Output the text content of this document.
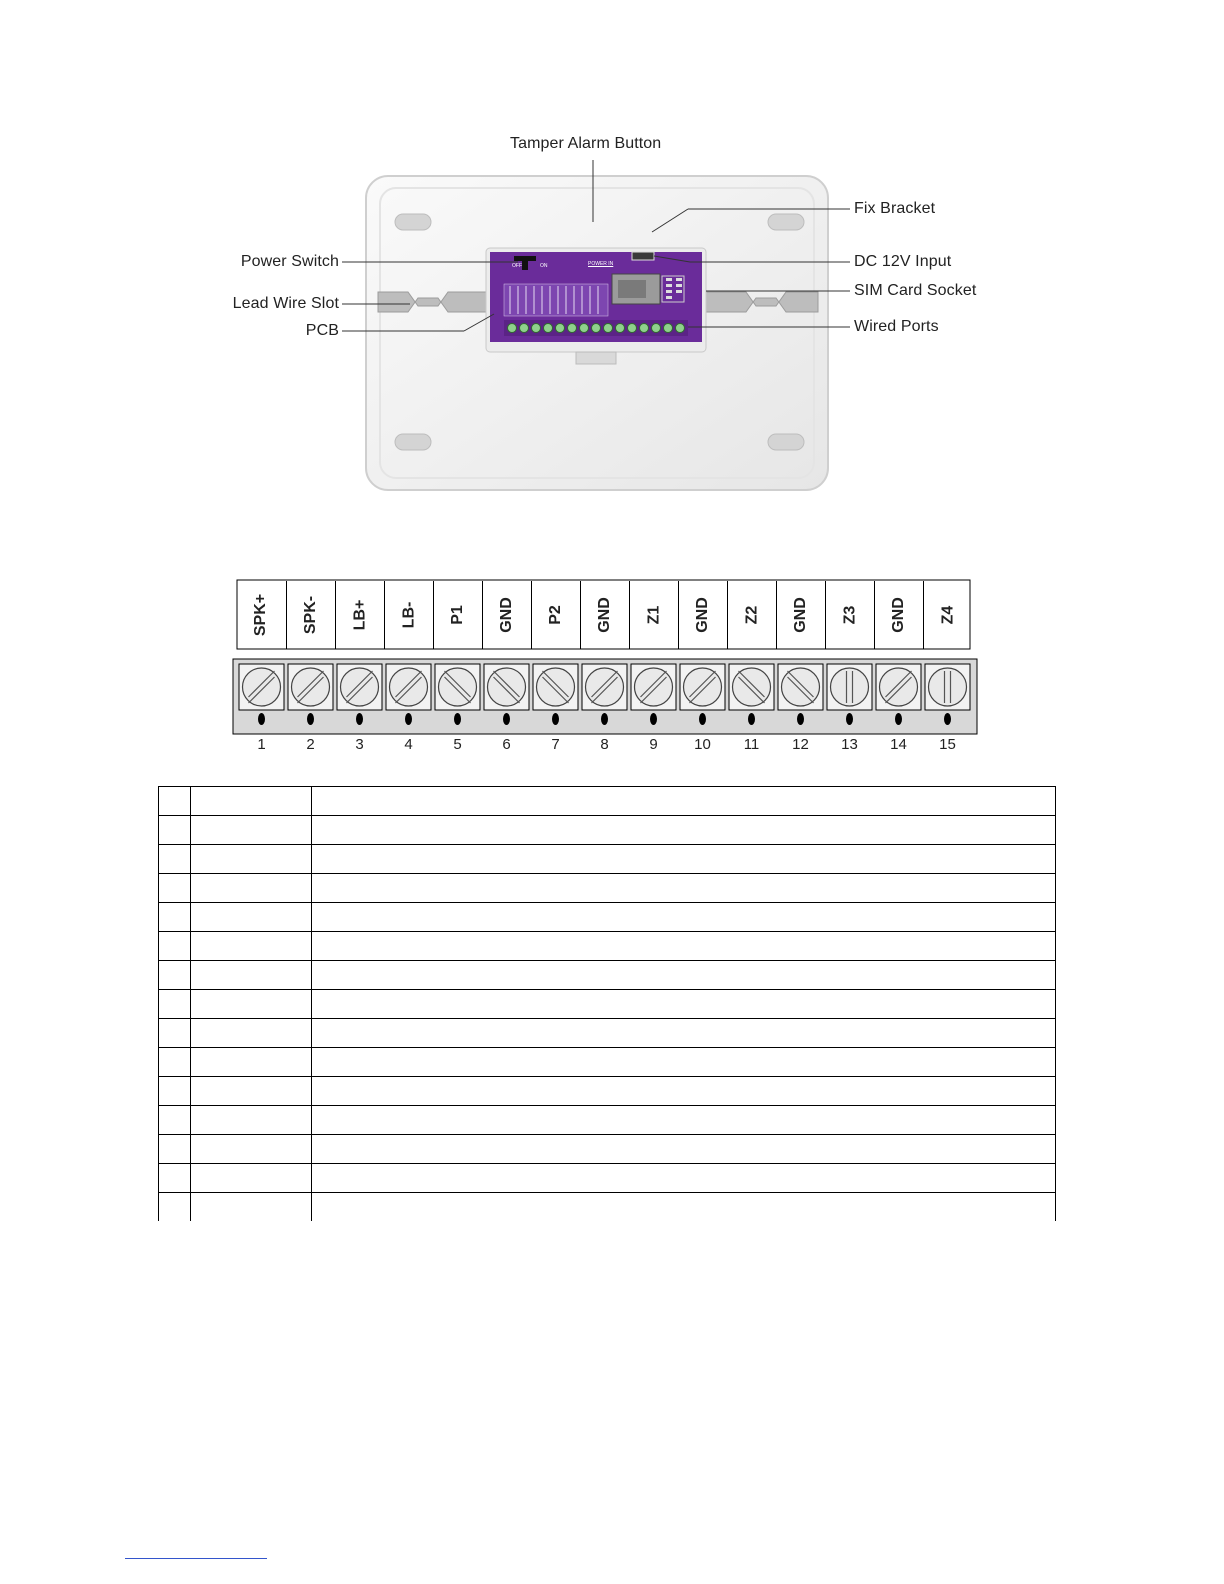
OFF	ON	POWER IN
Tamper Alarm Button
Fix Bracket
Power Switch	DC 12V Input
Lead Wire Slot
SIM Card Socket
PCB	Wired Ports
SPK+ SPK- LB+ LB- P1 GND P2 GND Z1 GND Z2 GND Z3 GND Z4
1	2	3	4	5	6	7	8	9	10	11	12	13	14	15
